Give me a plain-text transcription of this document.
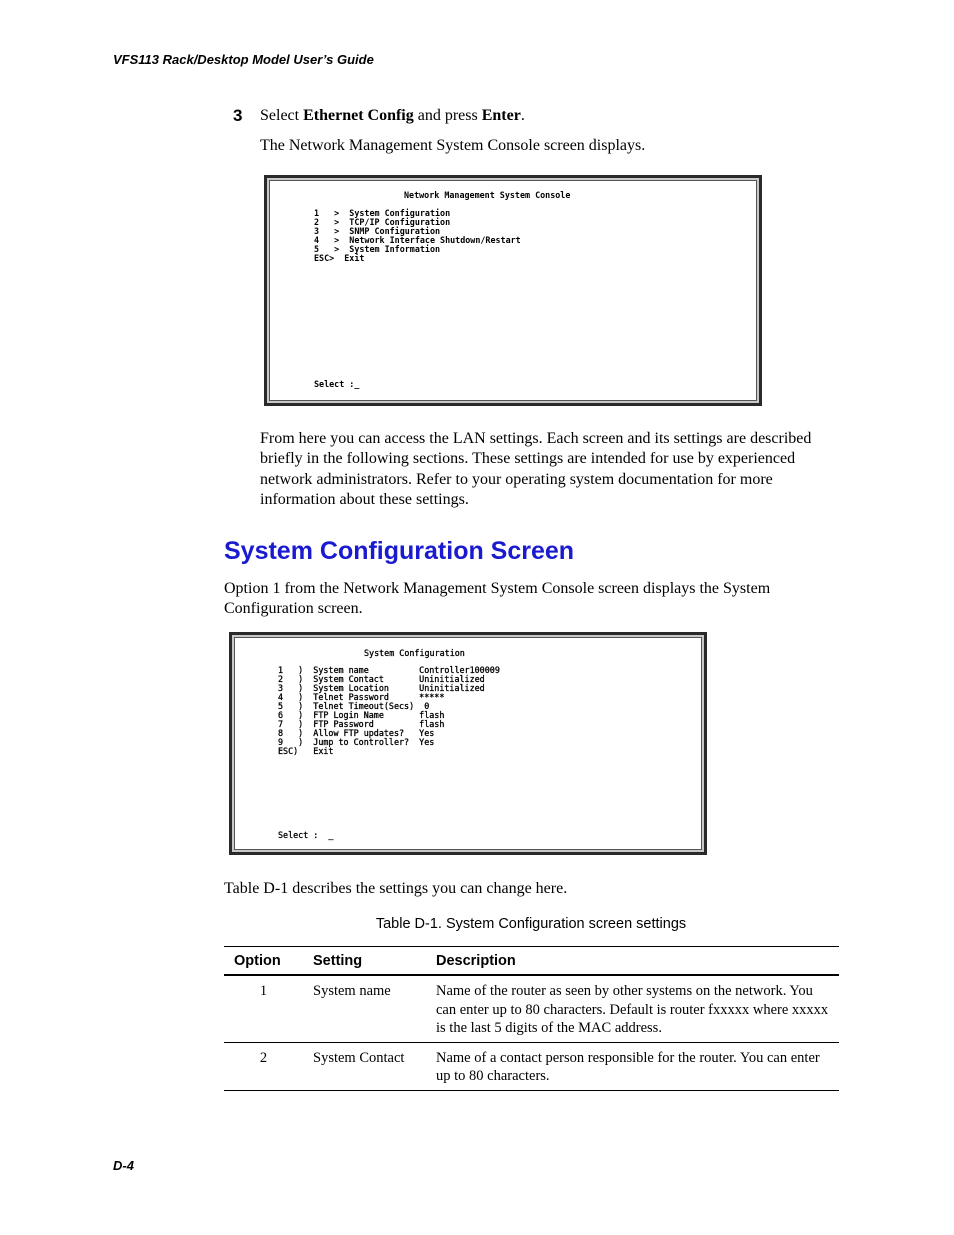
VFS113 Rack/Desktop Model User’s Guide
3 Select Ethernet Config and press Enter.
The Network Management System Console screen displays.
Network Management System Console
1   >  System Configuration
2   >  TCP/IP Configuration
3   >  SNMP Configuration
4   >  Network Interface Shutdown/Restart
5   >  System Information
ESC>  Exit
Select :_
From here you can access the LAN settings. Each screen and its settings are described briefly in the following sections. These settings are intended for use by experienced network administrators. Refer to your operating system documentation for more information about these settings.
System Configuration Screen
Option 1 from the Network Management System Console screen displays the System Configuration screen.
System Configuration
1   )  System name          Controller100009
2   )  System Contact       Uninitialized
3   )  System Location      Uninitialized
4   )  Telnet Password      *****
5   )  Telnet Timeout(Secs)  0
6   )  FTP Login Name       flash
7   )  FTP Password         flash
8   )  Allow FTP updates?   Yes
9   )  Jump to Controller?  Yes
ESC)   Exit
Select :  _
Table D-1 describes the settings you can change here.
Table D-1. System Configuration screen settings
Option	Setting	Description
1	System name	Name of the router as seen by other systems on the network. You can enter up to 80 characters. Default is router fxxxxx where xxxxx is the last 5 digits of the MAC address.
2	System Contact	Name of a contact person responsible for the router. You can enter up to 80 characters.
D-4
